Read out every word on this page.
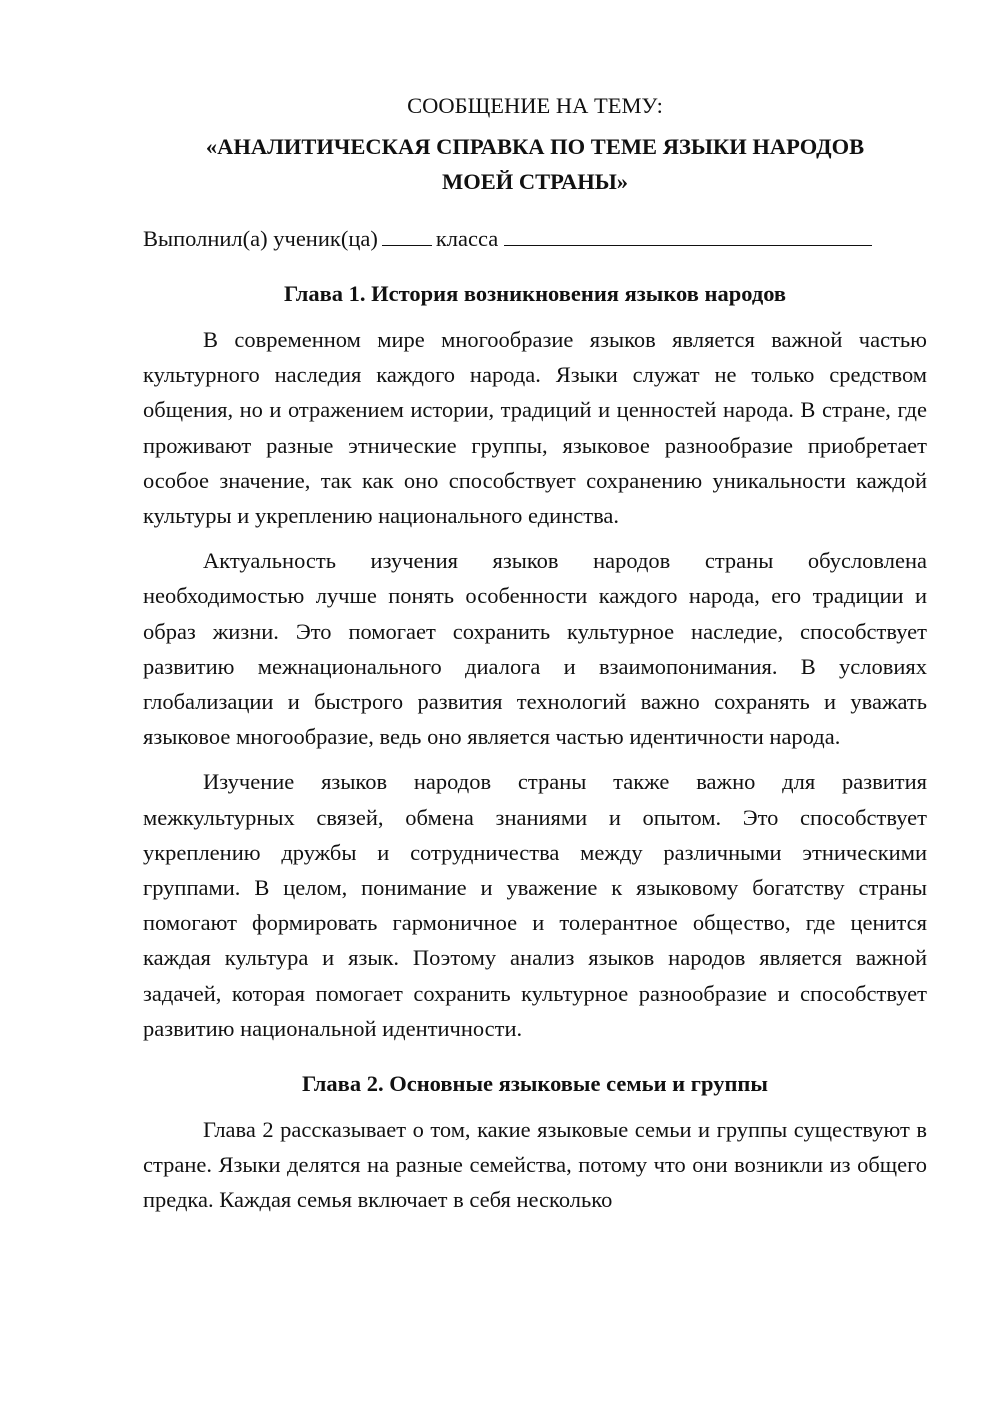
СООБЩЕНИЕ НА ТЕМУ:

«АНАЛИТИЧЕСКАЯ СПРАВКА ПО ТЕМЕ ЯЗЫКИ НАРОДОВ
МОЕЙ СТРАНЫ»

Выполнил(а) ученик(ца)	класса

Глава 1. История возникновения языков народов

В современном мире многообразие языков является важной частью культурного наследия каждого народа. Языки служат не только средством общения, но и отражением истории, традиций и ценностей народа. В стране, где проживают разные этнические группы, языковое разнообразие приобретает особое значение, так как оно способствует сохранению уникальности каждой культуры и укреплению национального единства.

Актуальность изучения языков народов страны обусловлена необходимостью лучше понять особенности каждого народа, его традиции и образ жизни. Это помогает сохранить культурное наследие, способствует развитию межнационального диалога и взаимопонимания. В условиях глобализации и быстрого развития технологий важно сохранять и уважать языковое многообразие, ведь оно является частью идентичности народа.

Изучение языков народов страны также важно для развития межкультурных связей, обмена знаниями и опытом. Это способствует укреплению дружбы и сотрудничества между различными этническими группами. В целом, понимание и уважение к языковому богатству страны помогают формировать гармоничное и толерантное общество, где ценится каждая культура и язык. Поэтому анализ языков народов является важной задачей, которая помогает сохранить культурное разнообразие и способствует развитию национальной идентичности.

Глава 2. Основные языковые семьи и группы

Глава 2 рассказывает о том, какие языковые семьи и группы существуют в стране. Языки делятся на разные семейства, потому что они возникли из общего предка. Каждая семья включает в себя несколько
